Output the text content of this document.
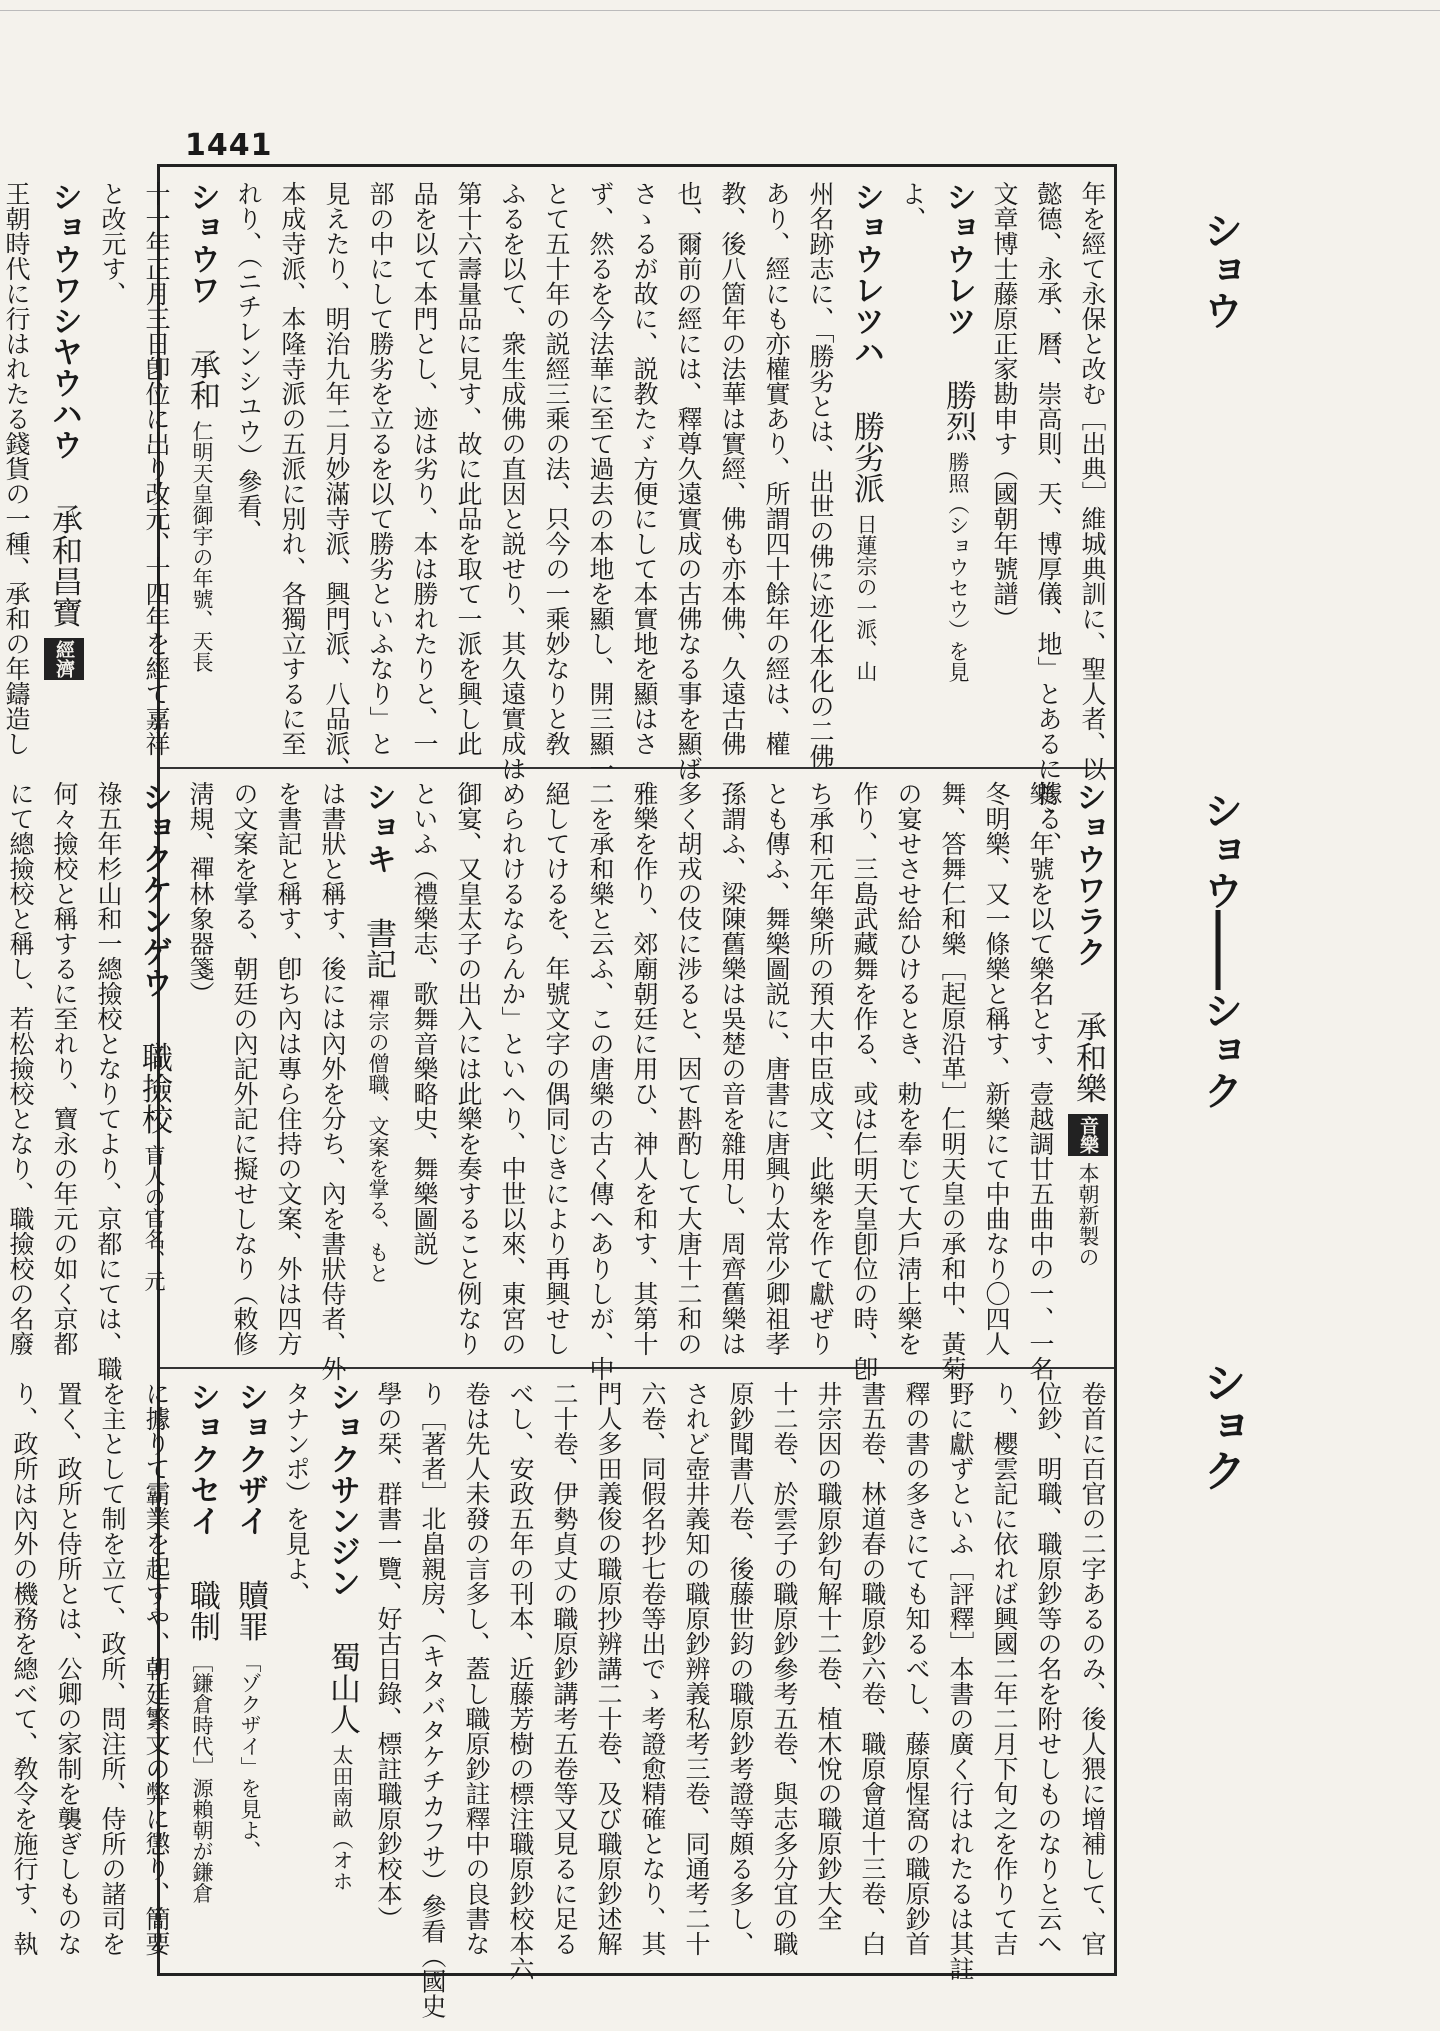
1441
年を經て永保と改む［出典］維城典訓に、聖人者、以
懿德、永承、曆、崇高則、天、博厚儀、地」とあるに據る、
文章博士藤原正家勘申す（國朝年號譜）
ショウレツ 勝烈 勝照（ショウセウ）を見
よ、
ショウレツハ 勝劣派 日蓮宗の一派、山
州名跡志に、「勝劣とは、出世の佛に迹化本化の二佛
あり、經にも亦權實あり、所謂四十餘年の經は、權
教、後八箇年の法華は實經、佛も亦本佛、久遠古佛
也、爾前の經には、釋尊久遠實成の古佛なる事を顯ば
さゝるが故に、説教たゞ方便にして本實地を顯はさ
ず、然るを今法華に至て過去の本地を顯し、開三顯一
とて五十年の説經三乘の法、只今の一乘妙なりと敎
ふるを以て、衆生成佛の直因と説せり、其久遠實成は
第十六壽量品に見す、故に此品を取て一派を興し此
品を以て本門とし、迹は劣り、本は勝れたりと、一
部の中にして勝劣を立るを以て勝劣といふなり」と
見えたり、明治九年二月妙滿寺派、興門派、八品派、
本成寺派、本隆寺派の五派に別れ、各獨立するに至
れり、（ニチレンシユウ）參看、
ショウワ 承和 仁明天皇御宇の年號、天長
十一年正月三日卽位に出り改元、十四年を經て嘉祥
と改元す、
ショウワシヤウハウ 承和昌寶 經濟
王朝時代に行はれたる錢貨の一種、承和の年鑄造し
ショウワラク 承和樂 音樂 本朝新製の
樂、年號を以て樂名とす、壹越調廿五曲中の一、一名
冬明樂、又一條樂と稱す、新樂にて中曲なり〇四人
舞、答舞仁和樂［起原沿革］仁明天皇の承和中、黃菊
の宴せさせ給ひけるとき、勅を奉じて大戶淸上樂を
作り、三島武藏舞を作る、或は仁明天皇卽位の時、卽
ち承和元年樂所の預大中臣成文、此樂を作て獻ぜり
とも傳ふ、舞樂圖説に、唐書に唐興り太常少卿祖孝
孫謂ふ、梁陳舊樂は吳楚の音を雜用し、周齊舊樂は
多く胡戎の伎に涉ると、因て斟酌して大唐十二和の
雅樂を作り、郊廟朝廷に用ひ、神人を和す、其第十
二を承和樂と云ふ、この唐樂の古く傳へありしが、中
絕してけるを、年號文字の偶同じきにより再興せし
められけるならんか」といへり、中世以來、東宮の
御宴、又皇太子の出入には此樂を奏すること例なり
といふ（禮樂志、歌舞音樂略史、舞樂圖説）
ショキ 書記 禪宗の僧職、文案を掌る、もと
は書狀と稱す、後には內外を分ち、內を書狀侍者、外
を書記と稱す、卽ち內は專ら住持の文案、外は四方
の文案を掌る、朝廷の內記外記に擬せしなり（敕修
淸規、禪林象器箋）
ショクケンゲウ 職撿校 盲人の官名、元
祿五年杉山和一總撿校となりてより、京都にては、職
何々撿校と稱するに至れり、寶永の年元の如く京都
にて總撿校と稱し、若松撿校となり、職撿校の名廢
卷首に百官の二字あるのみ、後人猥に增補して、官
位鈔、明職、職原鈔等の名を附せしものなりと云へ
り、櫻雲記に依れば興國二年二月下旬之を作りて吉
野に獻ずといふ［評釋］本書の廣く行はれたるは其註
釋の書の多きにても知るべし、藤原惺窩の職原鈔首
書五卷、林道春の職原鈔六卷、職原會道十三卷、白
井宗因の職原鈔句解十二卷、植木悅の職原鈔大全
十二卷、於雲子の職原鈔參考五卷、與志多分宜の職
原鈔聞書八卷、後藤世鈞の職原鈔考證等頗る多し、
されど壺井義知の職原鈔辨義私考三卷、同通考二十
六卷、同假名抄七卷等出でゝ考證愈精確となり、其
門人多田義俊の職原抄辨講二十卷、及び職原鈔述解
二十卷、伊勢貞丈の職原鈔講考五卷等又見るに足る
べし、安政五年の刊本、近藤芳樹の標注職原鈔校本六
卷は先人未發の言多し、蓋し職原鈔註釋中の良書な
り［著者］北畠親房、（キタバタケチカフサ）參看（國史
學の栞、群書一覽、好古日錄、標註職原鈔校本）
ショクサンジン 蜀山人 太田南畝（オホ
タナンポ）を見よ、
ショクザイ 贖罪 「ゾクザイ」を見よ、
ショクセイ 職制 ［鎌倉時代］源賴朝が鎌倉
に據りて霸業を起すや、朝廷繁文の弊に懲り、簡要
を主として制を立て、政所、問注所、侍所の諸司を
置く、政所と侍所とは、公卿の家制を襲ぎしものな
り、政所は內外の機務を總べて、敎令を施行す、執
ショウ
ショウ――ショク
ショク
